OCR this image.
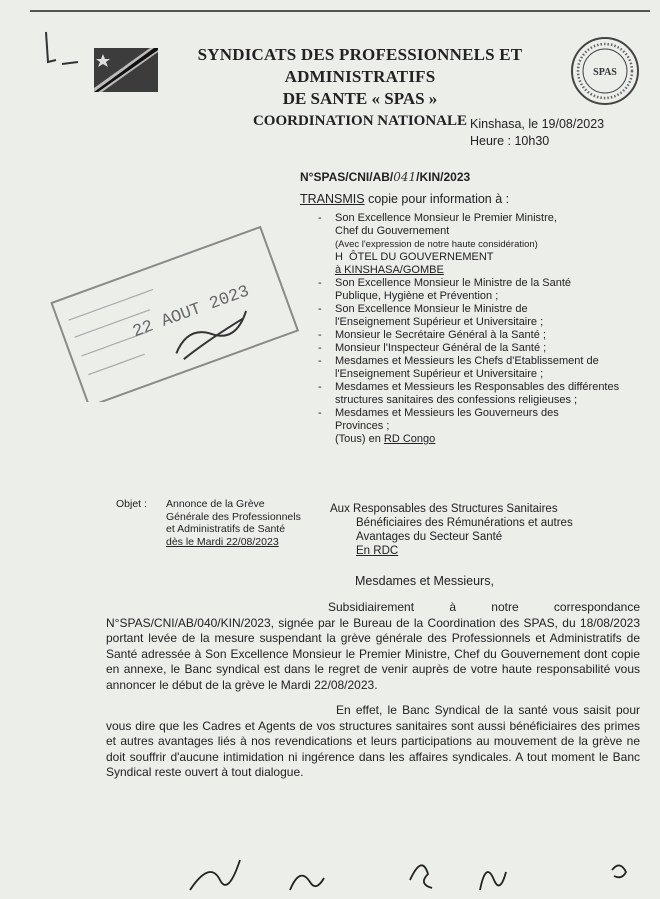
SYNDICATS DES PROFESSIONNELS ET ADMINISTRATIFS
DE SANTE « SPAS »
COORDINATION NATIONALE
SPAS
Kinshasa, le 19/08/2023
Heure : 10h30
N°SPAS/CNI/AB/041/KIN/2023
TRANSMIS copie pour information à :
- Son Excellence Monsieur le Premier Ministre,
Chef du Gouvernement
(Avec l'expression de notre haute considération)
H  ÔTEL DU GOUVERNEMENT
à KINSHASA/GOMBE
- Son Excellence Monsieur le Ministre de la Santé
Publique, Hygiène et Prévention ;
- Son Excellence Monsieur le Ministre de
l'Enseignement Supérieur et Universitaire ;
- Monsieur le Secrétaire Général à la Santé ;
- Monsieur l'Inspecteur Général de la Santé ;
- Mesdames et Messieurs les Chefs d'Etablissement de
l'Enseignement Supérieur et Universitaire ;
- Mesdames et Messieurs les Responsables des différentes
structures sanitaires des confessions religieuses ;
- Mesdames et Messieurs les Gouverneurs des
Provinces ;
(Tous) en RD Congo
22 AOUT 2023
Objet :	Annonce de la Grève
Générale des Professionnels
et Administratifs de Santé
dès le Mardi 22/08/2023
Aux Responsables des Structures Sanitaires
Bénéficiaires des Rémunérations et autres
Avantages du Secteur Santé
En RDC
Mesdames et Messieurs,

Subsidiairement à notre correspondance N°SPAS/CNI/AB/040/KIN/2023, signée par le Bureau de la Coordination des SPAS, du 18/08/2023 portant levée de la mesure suspendant la grève générale des Professionnels et Administratifs de Santé adressée à Son Excellence Monsieur le Premier Ministre, Chef du Gouvernement dont copie en annexe, le Banc syndical est dans le regret de venir auprès de votre haute responsabilité vous annoncer le début de la grève le Mardi 22/08/2023.

En effet, le Banc Syndical de la santé vous saisit pour vous dire que les Cadres et Agents de vos structures sanitaires sont aussi bénéficiaires des primes et autres avantages liés à nos revendications et leurs participations au mouvement de la grève ne doit souffrir d'aucune intimidation ni ingérence dans les affaires syndicales. A tout moment le Banc Syndical reste ouvert à tout dialogue.
